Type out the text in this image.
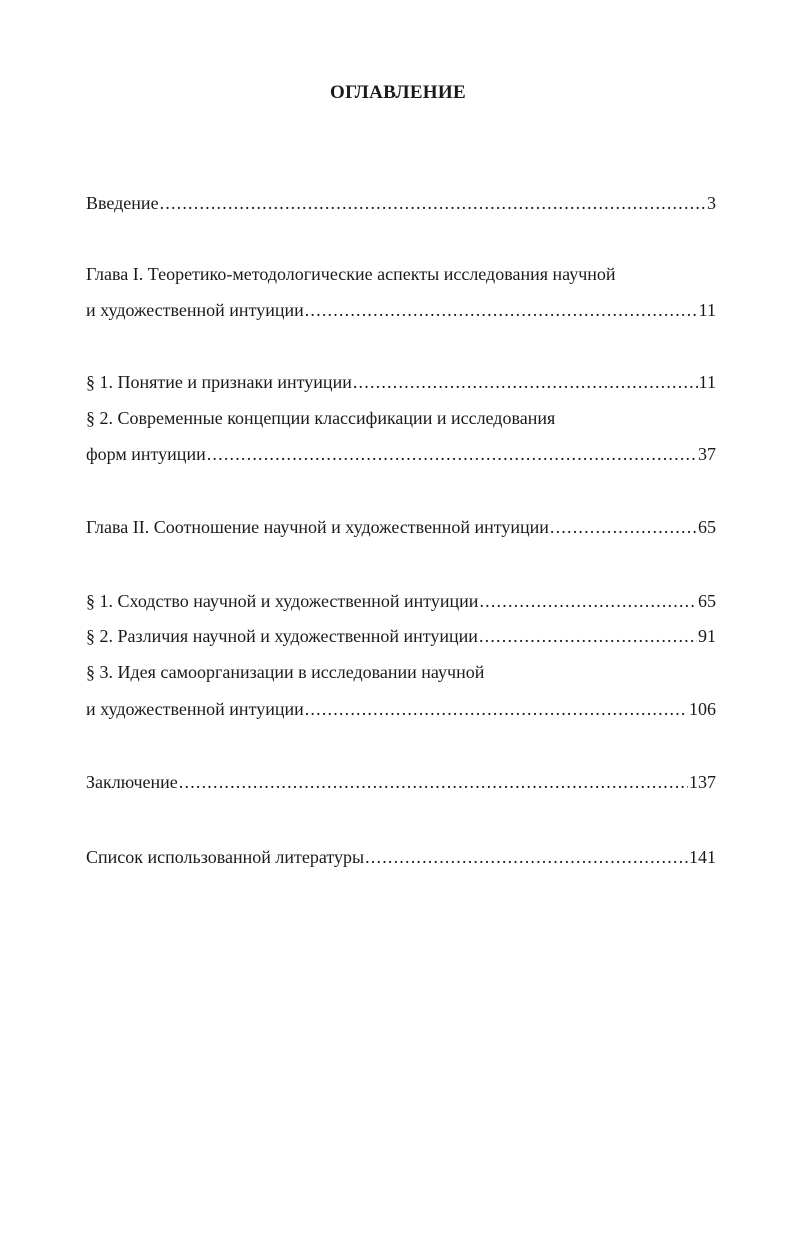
ОГЛАВЛЕНИЕ
Введение .....	3
Глава I. Теоретико-методологические аспекты исследования научной
и художественной интуиции .....	11
§ 1. Понятие и признаки интуиции .....	11
§ 2. Современные концепции классификации и исследования
форм интуиции .....	37
Глава II. Соотношение научной и художественной интуиции .....	65
§ 1. Сходство научной и художественной интуиции .....	65
§ 2. Различия научной и художественной интуиции .....	91
§ 3. Идея самоорганизации в исследовании научной
и художественной интуиции .....	106
Заключение .....	137
Список использованной литературы .....	141
